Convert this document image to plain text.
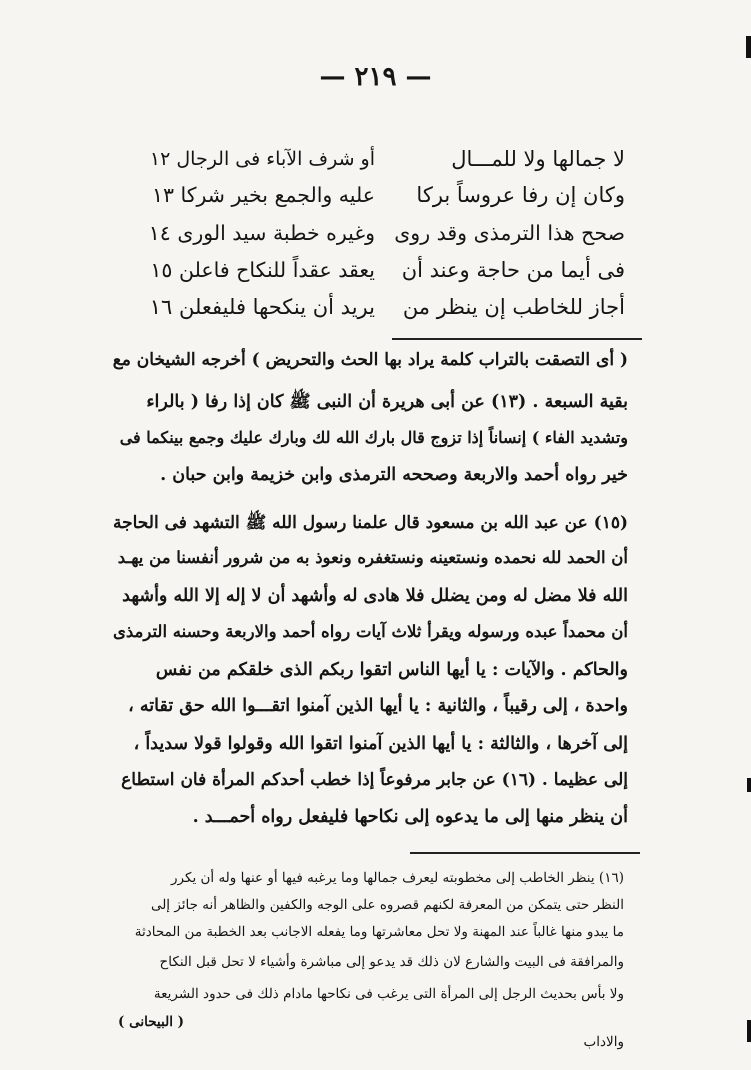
— ٢١٩ —
لا جمالها ولا للمـــال
أو شرف الآباء فى الرجال ١٢
وكان إن رفا عروساً بركا
عليه والجمع بخير شركا ١٣
صحح هذا الترمذى وقد روى
وغيره خطبة سيد الورى ١٤
فى أيما من حاجة وعند أن
يعقد عقداً للنكاح فاعلن ١٥
أجاز للخاطب إن ينظر من
يريد أن ينكحها فليفعلن ١٦
( أى التصقت بالتراب كلمة يراد بها الحث والتحريض ) أخرجه الشيخان مع
بقية السبعة . (١٣) عن أبى هريرة أن النبى ﷺ كان إذا رفا ( بالراء
وتشديد الفاء ) إنساناً إذا تزوج قال بارك الله لك وبارك عليك وجمع بينكما فى
خير رواه أحمد والاربعة وصححه الترمذى وابن خزيمة وابن حبان .
(١٥) عن عبد الله بن مسعود قال علمنا رسول الله ﷺ التشهد فى الحاجة
أن الحمد لله نحمده ونستعينه ونستغفره ونعوذ به من شرور أنفسنا من يهـد
الله فلا مضل له ومن يضلل فلا هادى له وأشهد أن لا إله إلا الله وأشهد
أن محمداً عبده ورسوله ويقرأ ثلاث آيات رواه أحمد والاربعة وحسنه الترمذى
والحاكم . والآيات : يا أيها الناس اتقوا ربكم الذى خلقكم من نفس
واحدة ، إلى رقيباً ، والثانية : يا أيها الذين آمنوا اتقـــوا الله حق تقاته ،
إلى آخرها ، والثالثة : يا أيها الذين آمنوا اتقوا الله وقولوا قولا سديداً ،
إلى عظيما . (١٦) عن جابر مرفوعاً إذا خطب أحدكم المرأة فان استطاع
أن ينظر منها إلى ما يدعوه إلى نكاحها فليفعل رواه أحمـــد .
(١٦) ينظر الخاطب إلى مخطوبته ليعرف جمالها وما يرغبه فيها أو عنها وله أن يكرر
النظر حتى يتمكن من المعرفة لكنهم قصروه على الوجه والكفين والظاهر أنه جائز إلى
ما يبدو منها غالباً عند المهنة ولا تحل معاشرتها وما يفعله الاجانب بعد الخطبة من المحادثة
والمرافقة فى البيت والشارع لان ذلك قد يدعو إلى مباشرة وأشياء لا تحل قبل النكاح
ولا بأس بحديث الرجل إلى المرأة التى يرغب فى نكاحها مادام ذلك فى حدود الشريعة
والاداب
( البيحانى )
